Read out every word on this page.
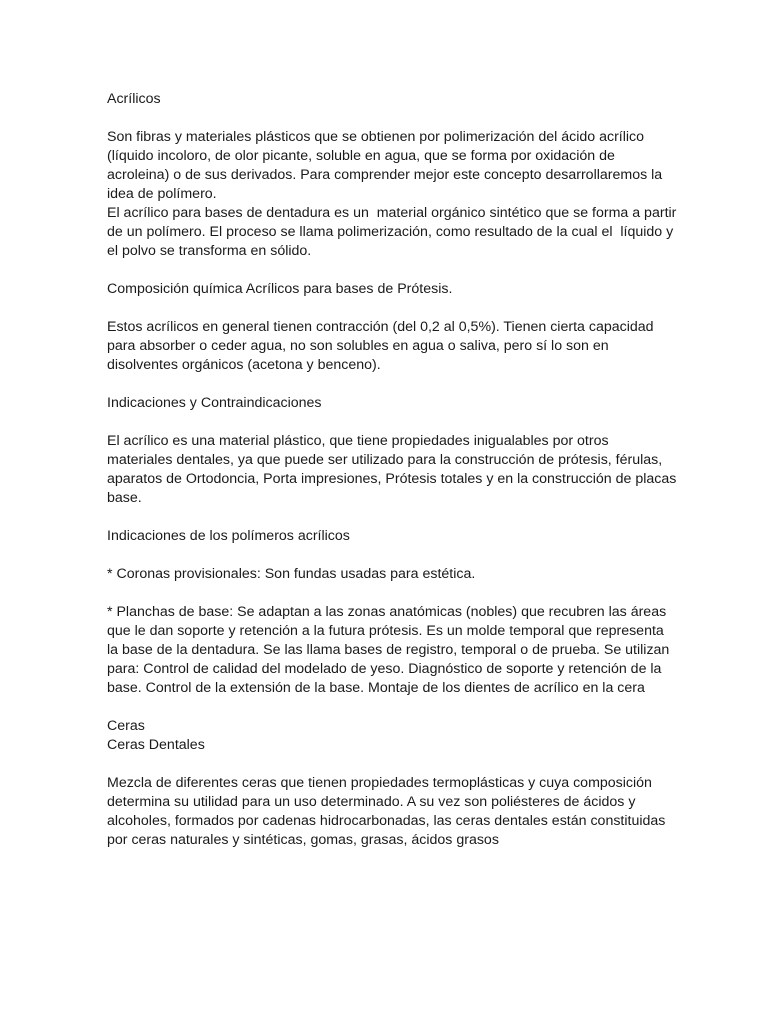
Acrílicos
Son fibras y materiales plásticos que se obtienen por polimerización del ácido acrílico
(líquido incoloro, de olor picante, soluble en agua, que se forma por oxidación de
acroleina) o de sus derivados. Para comprender mejor este concepto desarrollaremos la
idea de polímero.
El acrílico para bases de dentadura es un  material orgánico sintético que se forma a partir
de un polímero. El proceso se llama polimerización, como resultado de la cual el  líquido y
el polvo se transforma en sólido.
Composición química Acrílicos para bases de Prótesis.
Estos acrílicos en general tienen contracción (del 0,2 al 0,5%). Tienen cierta capacidad
para absorber o ceder agua, no son solubles en agua o saliva, pero sí lo son en
disolventes orgánicos (acetona y benceno).
Indicaciones y Contraindicaciones
El acrílico es una material plástico, que tiene propiedades inigualables por otros
materiales dentales, ya que puede ser utilizado para la construcción de prótesis, férulas,
aparatos de Ortodoncia, Porta impresiones, Prótesis totales y en la construcción de placas
base.
Indicaciones de los polímeros acrílicos
* Coronas provisionales: Son fundas usadas para estética.
* Planchas de base: Se adaptan a las zonas anatómicas (nobles) que recubren las áreas
que le dan soporte y retención a la futura prótesis. Es un molde temporal que representa
la base de la dentadura. Se las llama bases de registro, temporal o de prueba. Se utilizan
para: Control de calidad del modelado de yeso. Diagnóstico de soporte y retención de la
base. Control de la extensión de la base. Montaje de los dientes de acrílico en la cera
Ceras
Ceras Dentales
Mezcla de diferentes ceras que tienen propiedades termoplásticas y cuya composición
determina su utilidad para un uso determinado. A su vez son poliésteres de ácidos y
alcoholes, formados por cadenas hidrocarbonadas, las ceras dentales están constituidas
por ceras naturales y sintéticas, gomas, grasas, ácidos grasos
